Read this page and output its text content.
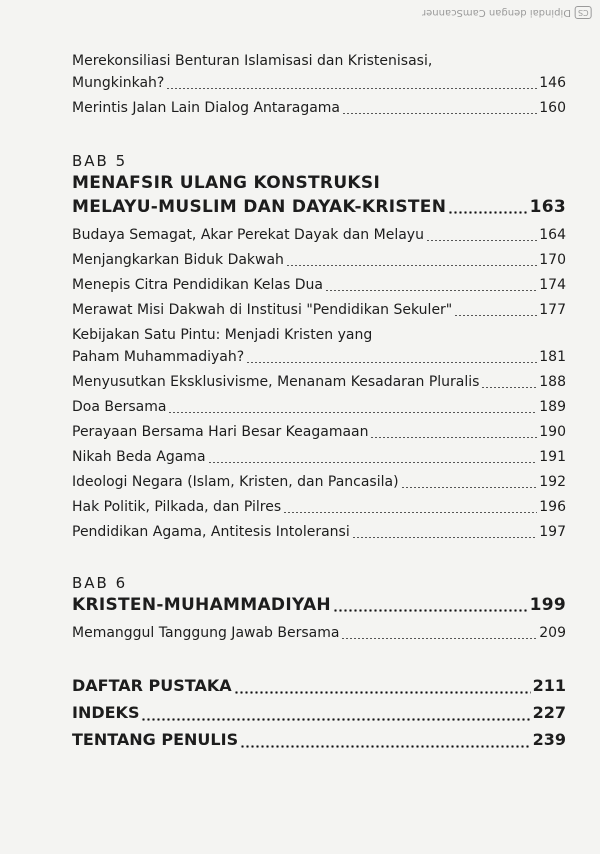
CS
Dipindai dengan CamScanner
Merekonsiliasi Benturan Islamisasi dan Kristenisasi,
Mungkinkah?	146
Merintis Jalan Lain Dialog Antaragama	160
BAB 5
MENAFSIR ULANG KONSTRUKSI
MELAYU-MUSLIM DAN DAYAK-KRISTEN	163
Budaya Semagat, Akar Perekat Dayak dan Melayu	164
Menjangkarkan Biduk Dakwah	170
Menepis Citra Pendidikan Kelas Dua	174
Merawat Misi Dakwah di Institusi "Pendidikan Sekuler"	177
Kebijakan Satu Pintu: Menjadi Kristen yang
Paham Muhammadiyah?	181
Menyusutkan Eksklusivisme, Menanam Kesadaran Pluralis	188
Doa Bersama	189
Perayaan Bersama Hari Besar Keagamaan	190
Nikah Beda Agama	191
Ideologi Negara (Islam, Kristen, dan Pancasila)	192
Hak Politik, Pilkada, dan Pilres	196
Pendidikan Agama, Antitesis Intoleransi	197
BAB 6
KRISTEN-MUHAMMADIYAH	199
Memanggul Tanggung Jawab Bersama	209
DAFTAR PUSTAKA	211
INDEKS	227
TENTANG PENULIS	239
